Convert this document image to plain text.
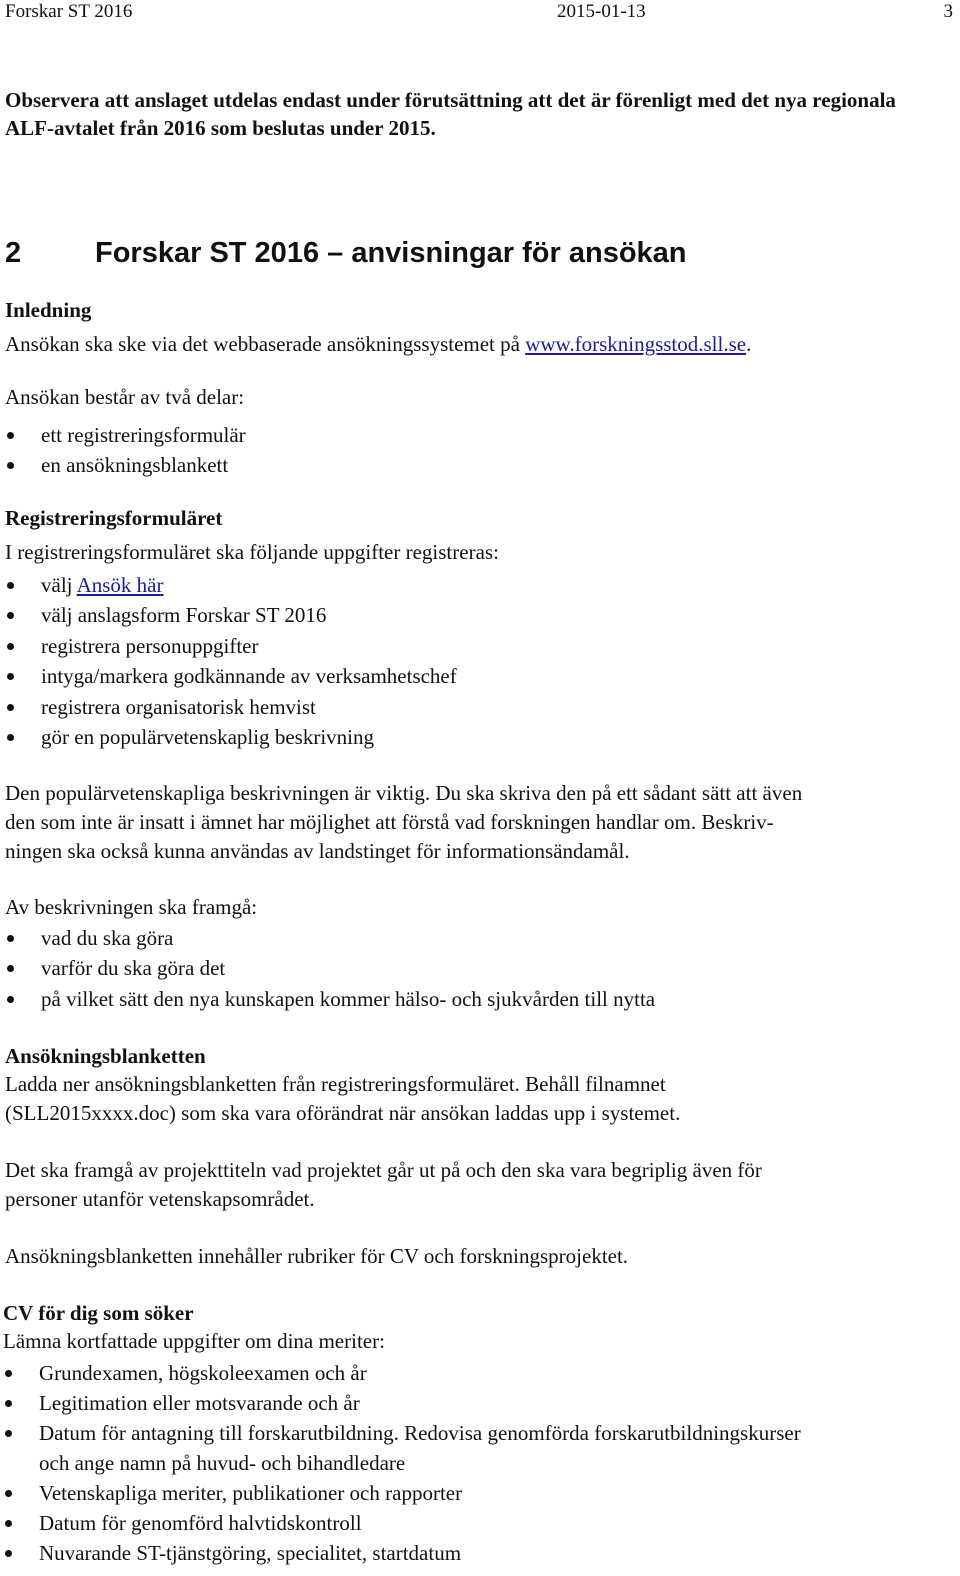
Forskar ST 2016	2015-01-13	3
Observera att anslaget utdelas endast under förutsättning att det är förenligt med det nya regionala ALF-avtalet från 2016 som beslutas under 2015.
2	Forskar ST 2016 – anvisningar för ansökan
Inledning
Ansökan ska ske via det webbaserade ansökningssystemet på www.forskningsstod.sll.se.
Ansökan består av två delar:
ett registreringsformulär
en ansökningsblankett
Registreringsformuläret
I registreringsformuläret ska följande uppgifter registreras:
välj Ansök här
välj anslagsform Forskar ST 2016
registrera personuppgifter
intyga/markera godkännande av verksamhetschef
registrera organisatorisk hemvist
gör en populärvetenskaplig beskrivning
Den populärvetenskapliga beskrivningen är viktig. Du ska skriva den på ett sådant sätt att även
den som inte är insatt i ämnet har möjlighet att förstå vad forskningen handlar om. Beskriv-
ningen ska också kunna användas av landstinget för informationsändamål.
Av beskrivningen ska framgå:
vad du ska göra
varför du ska göra det
på vilket sätt den nya kunskapen kommer hälso- och sjukvården till nytta
Ansökningsblanketten
Ladda ner ansökningsblanketten från registreringsformuläret. Behåll filnamnet
(SLL2015xxxx.doc) som ska vara oförändrat när ansökan laddas upp i systemet.
Det ska framgå av projekttiteln vad projektet går ut på och den ska vara begriplig även för
personer utanför vetenskapsområdet.
Ansökningsblanketten innehåller rubriker för CV och forskningsprojektet.
CV för dig som söker
Lämna kortfattade uppgifter om dina meriter:
Grundexamen, högskoleexamen och år
Legitimation eller motsvarande och år
Datum för antagning till forskarutbildning. Redovisa genomförda forskarutbildningskurser
och ange namn på huvud- och bihandledare
Vetenskapliga meriter, publikationer och rapporter
Datum för genomförd halvtidskontroll
Nuvarande ST-tjänstgöring, specialitet, startdatum
